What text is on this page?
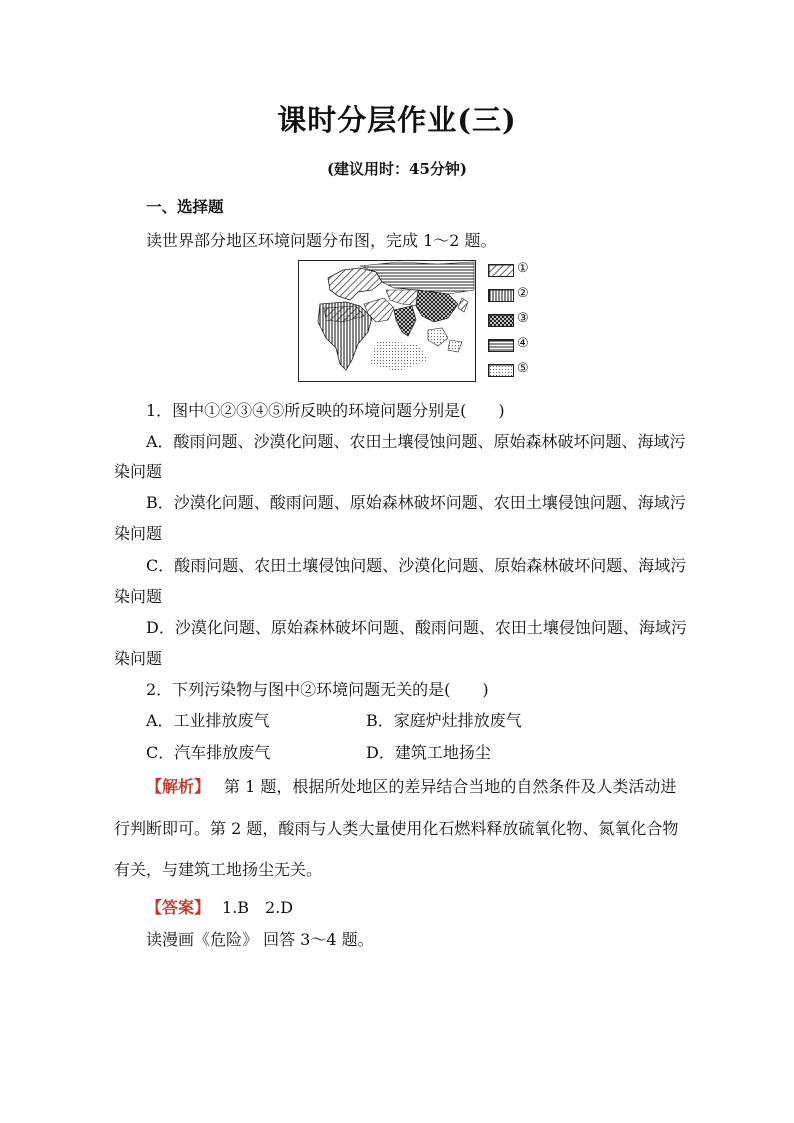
课时分层作业(三)
(建议用时：45分钟)
一、选择题
读世界部分地区环境问题分布图，完成 1～2 题。
①
②
③
④
⑤
1．图中①②③④⑤所反映的环境问题分别是(　　)
A．酸雨问题、沙漠化问题、农田土壤侵蚀问题、原始森林破坏问题、海域污
染问题
B．沙漠化问题、酸雨问题、原始森林破坏问题、农田土壤侵蚀问题、海域污
染问题
C．酸雨问题、农田土壤侵蚀问题、沙漠化问题、原始森林破坏问题、海域污
染问题
D．沙漠化问题、原始森林破坏问题、酸雨问题、农田土壤侵蚀问题、海域污
染问题
2．下列污染物与图中②环境问题无关的是(　　)
A．工业排放废气	B．家庭炉灶排放废气
C．汽车排放废气	D．建筑工地扬尘
【解析】 第 1 题，根据所处地区的差异结合当地的自然条件及人类活动进
行判断即可。第 2 题，酸雨与人类大量使用化石燃料释放硫氧化物、氮氧化合物
有关，与建筑工地扬尘无关。
【答案】 1.B　2.D
读漫画《危险》 回答 3～4 题。
